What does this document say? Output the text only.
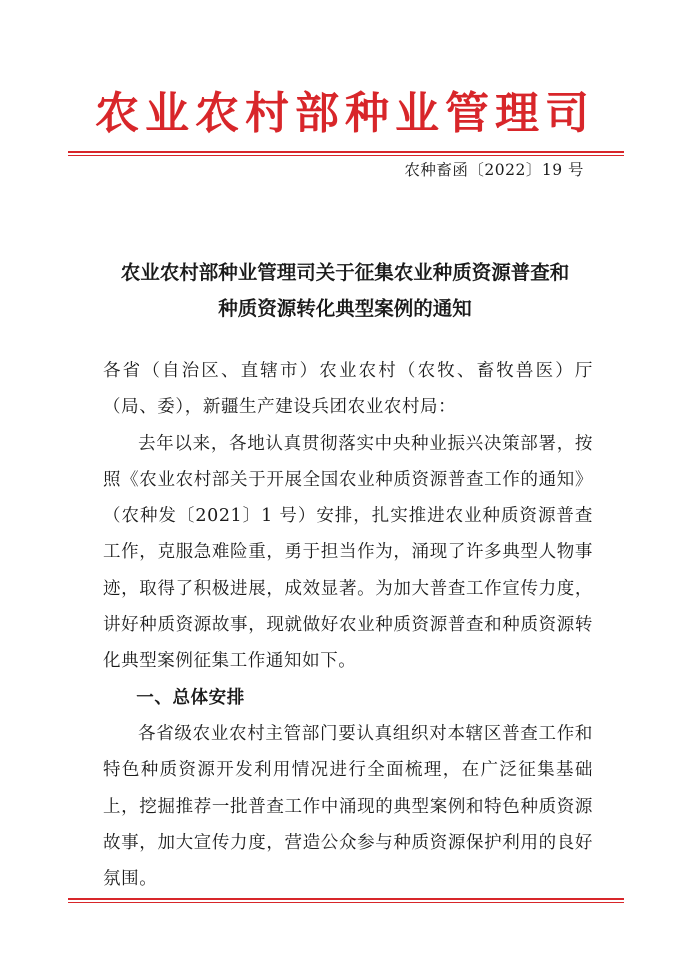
农业农村部种业管理司
农种畜函〔2022〕19 号
农业农村部种业管理司关于征集农业种质资源普查和
种质资源转化典型案例的通知

各省（自治区、直辖市）农业农村（农牧、畜牧兽医）厅（局、委），新疆生产建设兵团农业农村局：

去年以来，各地认真贯彻落实中央种业振兴决策部署，按照《农业农村部关于开展全国农业种质资源普查工作的通知》（农种发〔2021〕1 号）安排，扎实推进农业种质资源普查工作，克服急难险重，勇于担当作为，涌现了许多典型人物事迹，取得了积极进展，成效显著。为加大普查工作宣传力度，讲好种质资源故事，现就做好农业种质资源普查和种质资源转化典型案例征集工作通知如下。

一、总体安排

各省级农业农村主管部门要认真组织对本辖区普查工作和特色种质资源开发利用情况进行全面梳理，在广泛征集基础上，挖掘推荐一批普查工作中涌现的典型案例和特色种质资源故事，加大宣传力度，营造公众参与种质资源保护利用的良好氛围。
